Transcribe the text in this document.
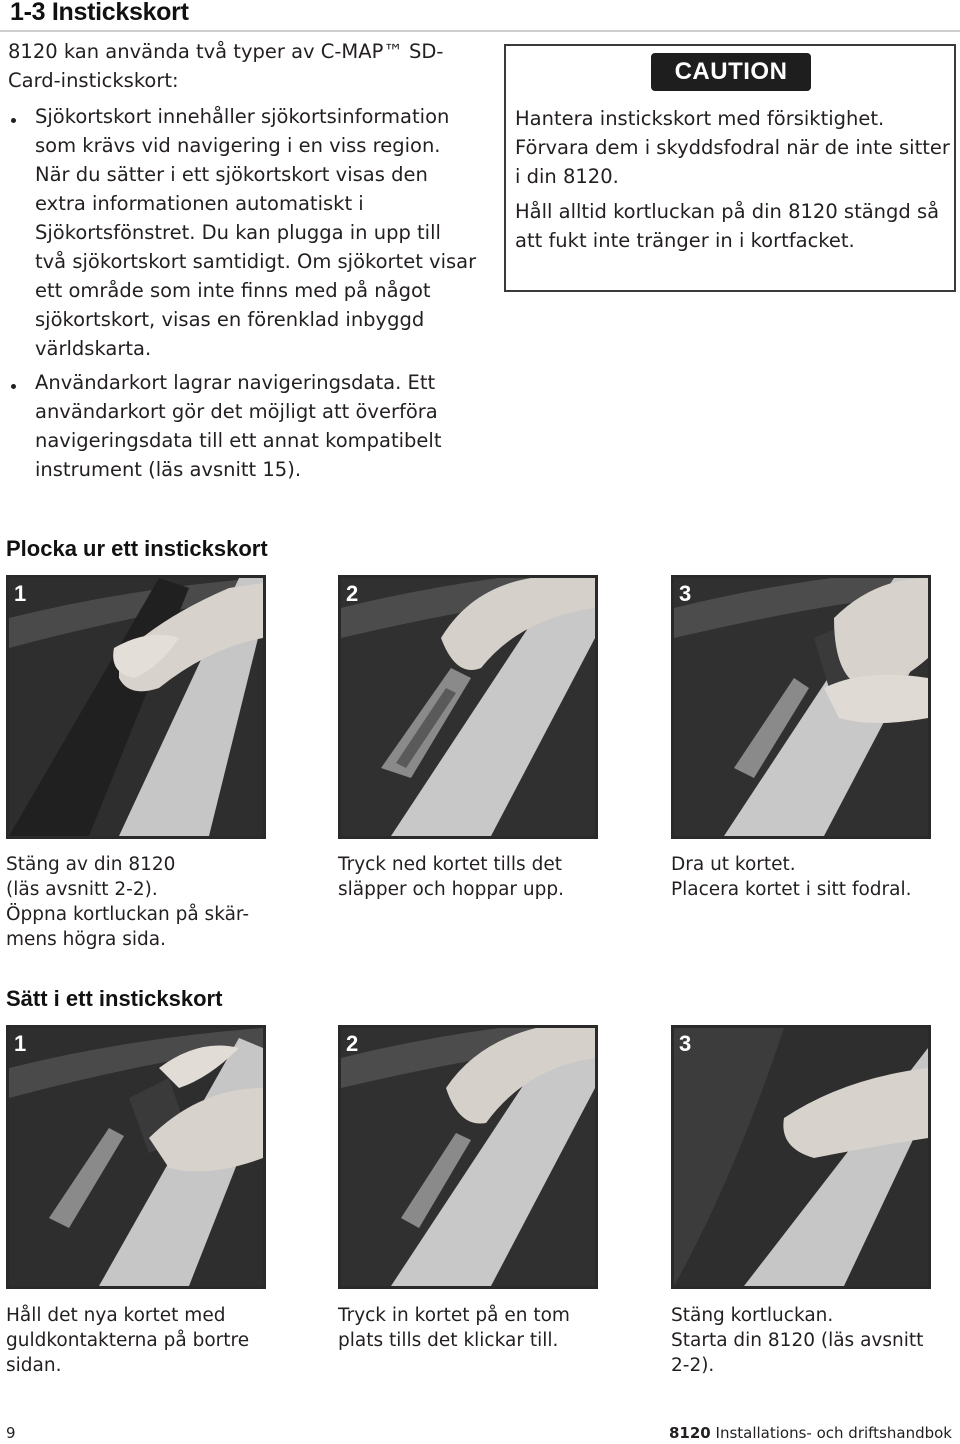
1-3 Instickskort

8120 kan använda två typer av C-MAP™ SD-Card-instickskort:

Sjökortskort innehåller sjökortsinformation som krävs vid navigering i en viss region. När du sätter i ett sjökortskort visas den extra informationen automatiskt i Sjökortsfönstret. Du kan plugga in upp till två sjökortskort samtidigt. Om sjökortet visar ett område som inte finns med på något sjökortskort, visas en förenklad inbyggd världskarta.
Användarkort lagrar navigeringsdata. Ett användarkort gör det möjligt att överföra navigeringsdata till ett annat kompatibelt instrument (läs avsnitt 15).
CAUTION

Hantera instickskort med försiktighet. Förvara dem i skyddsfodral när de inte sitter i din 8120.

Håll alltid kortluckan på din 8120 stängd så att fukt inte tränger in i kortfacket.

Plocka ur ett instickskort
1	2	3

Stäng av din 8120

(läs avsnitt 2-2).

Öppna kortluckan på skär-

mens högra sida.

Tryck ned kortet tills det

släpper och hoppar upp.

Dra ut kortet.

Placera kortet i sitt fodral.

Sätt i ett instickskort
1	2	3

Håll det nya kortet med

guldkontakterna på bortre

sidan.

Tryck in kortet på en tom

plats tills det klickar till.

Stäng kortluckan.

Starta din 8120 (läs avsnitt

2-2).

9	8120 Installations- och driftshandbok
